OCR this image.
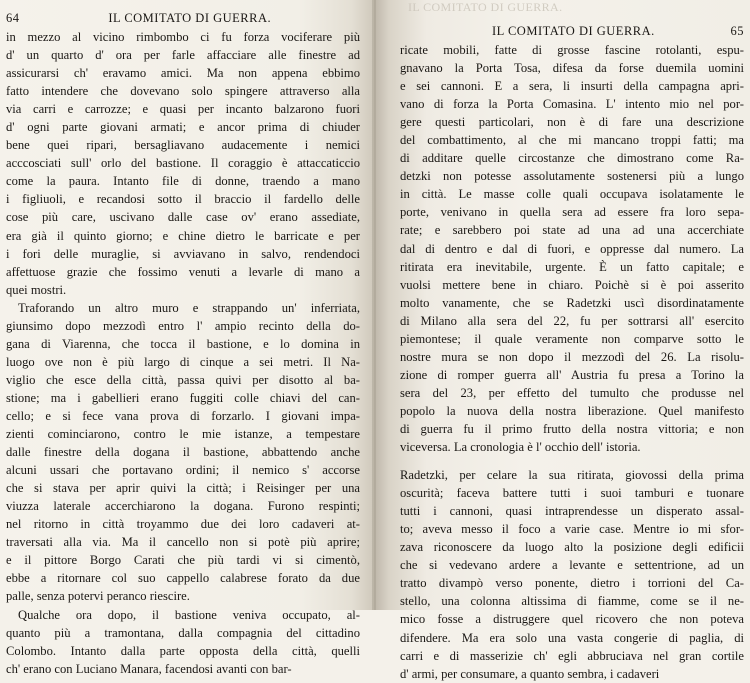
64	IL COMITATO DI GUERRA.
in mezzo al vicino rimbombo ci fu forza vociferare più
d' un quarto d' ora per farle affacciare alle finestre ad
assicurarsi ch' eravamo amici. Ma non appena ebbimo
fatto intendere che dovevano solo spingere attraverso alla
via carri e carrozze; e quasi per incanto balzarono fuori
d' ogni parte giovani armati; e ancor prima di chiuder
bene quei ripari, bersagliavano audacemente i nemici
acccosciati sull' orlo del bastione. Il coraggio è attaccaticcio
come la paura. Intanto file di donne, traendo a mano
i figliuoli, e recandosi sotto il braccio il fardello delle
cose più care, uscivano dalle case ov' erano assediate,
era già il quinto giorno; e chine dietro le barricate e per
i fori delle muraglie, si avviavano in salvo, rendendoci
affettuose grazie che fossimo venuti a levarle di mano a
quei mostri.
Traforando un altro muro e strappando un' inferriata,
giunsimo dopo mezzodì entro l' ampio recinto della do-
gana di Viarenna, che tocca il bastione, e lo domina in
luogo ove non è più largo di cinque a sei metri. Il Na-
viglio che esce della città, passa quivi per disotto al ba-
stione; ma i gabellieri erano fuggiti colle chiavi del can-
cello; e si fece vana prova di forzarlo. I giovani impa-
zienti cominciarono, contro le mie istanze, a tempestare
dalle finestre della dogana il bastione, abbattendo anche
alcuni ussari che portavano ordini; il nemico s' accorse
che si stava per aprir quivi la città; i Reisinger per una
viuzza laterale accerchiarono la dogana. Furono respinti;
nel ritorno in città troyammo due dei loro cadaveri at-
traversati alla via. Ma il cancello non si potè più aprire;
e il pittore Borgo Carati che più tardi vi si cimentò,
ebbe a ritornare col suo cappello calabrese forato da due
palle, senza potervi peranco riescire.
Qualche ora dopo, il bastione veniva occupato, al-
quanto più a tramontana, dalla compagnia del cittadino
Colombo. Intanto dalla parte opposta della città, quelli
ch' erano con Luciano Manara, facendosi avanti con bar-
IL COMITATO DI GUERRA.
IL COMITATO DI GUERRA.	65
ricate mobili, fatte di grosse fascine rotolanti, espu-
gnavano la Porta Tosa, difesa da forse duemila uomini
e sei cannoni. E a sera, li insurti della campagna apri-
vano di forza la Porta Comasina. L' intento mio nel por-
gere questi particolari, non è di fare una descrizione
del combattimento, al che mi mancano troppi fatti; ma
di additare quelle circostanze che dimostrano come Ra-
detzki non potesse assolutamente sostenersi più a lungo
in città. Le masse colle quali occupava isolatamente le
porte, venivano in quella sera ad essere fra loro sepa-
rate; e sarebbero poi state ad una ad una accerchiate
dal di dentro e dal di fuori, e oppresse dal numero. La
ritirata era inevitabile, urgente. È un fatto capitale; e
vuolsi mettere bene in chiaro. Poichè si è poi asserito
molto vanamente, che se Radetzki uscì disordinatamente
di Milano alla sera del 22, fu per sottrarsi all' esercito
piemontese; il quale veramente non comparve sotto le
nostre mura se non dopo il mezzodì del 26. La risolu-
zione di romper guerra all' Austria fu presa a Torino la
sera del 23, per effetto del tumulto che produsse nel
popolo la nuova della nostra liberazione. Quel manifesto
di guerra fu il primo frutto della nostra vittoria; e non
viceversa. La cronologia è l' occhio dell' istoria.
Radetzki, per celare la sua ritirata, giovossi della prima
oscurità; faceva battere tutti i suoi tamburi e tuonare
tutti i cannoni, quasi intraprendesse un disperato assal-
to; aveva messo il foco a varie case. Mentre io mi sfor-
zava riconoscere da luogo alto la posizione degli edificii
che si vedevano ardere a levante e settentrione, ad un
tratto divampò verso ponente, dietro i torrioni del Ca-
stello, una colonna altissima di fiamme, come se il ne-
mico fosse a distruggere quel ricovero che non poteva
difendere. Ma era solo una vasta congerie di paglia, di
carri e di masserizie ch' egli abbruciava nel gran cortile
d' armi, per consumare, a quanto sembra, i cadaveri
